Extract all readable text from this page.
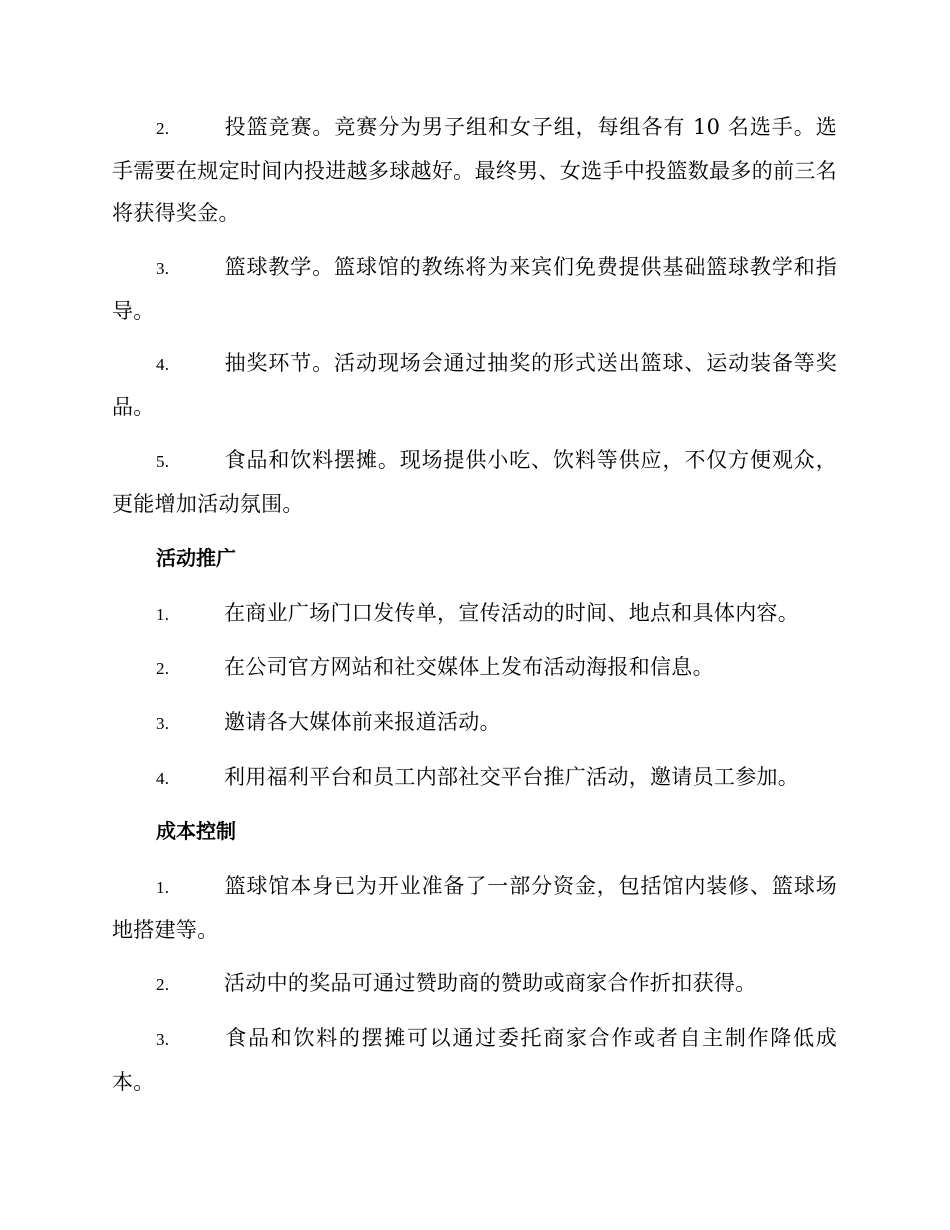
2.	投篮竞赛。竞赛分为男子组和女子组，每组各有 10 名选手。选手需要在规定时间内投进越多球越好。最终男、女选手中投篮数最多的前三名将获得奖金。

3.	篮球教学。篮球馆的教练将为来宾们免费提供基础篮球教学和指导。

4.	抽奖环节。活动现场会通过抽奖的形式送出篮球、运动装备等奖品。

5.	食品和饮料摆摊。现场提供小吃、饮料等供应，不仅方便观众，更能增加活动氛围。

活动推广

1.	在商业广场门口发传单，宣传活动的时间、地点和具体内容。

2.	在公司官方网站和社交媒体上发布活动海报和信息。

3.	邀请各大媒体前来报道活动。

4.	利用福利平台和员工内部社交平台推广活动，邀请员工参加。

成本控制

1.	篮球馆本身已为开业准备了一部分资金，包括馆内装修、篮球场地搭建等。

2.	活动中的奖品可通过赞助商的赞助或商家合作折扣获得。

3.	食品和饮料的摆摊可以通过委托商家合作或者自主制作降低成本。
